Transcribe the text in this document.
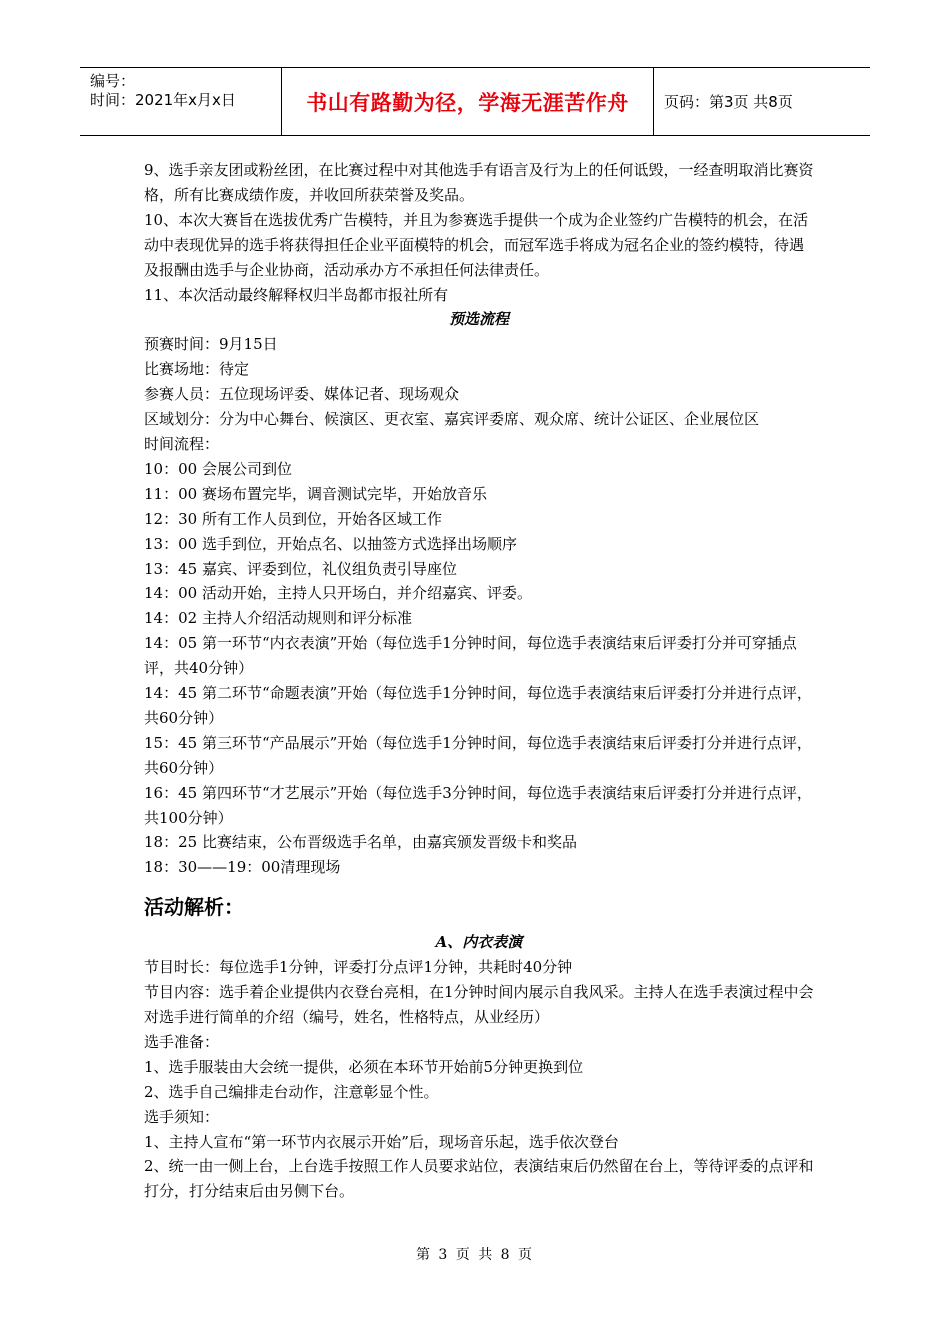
编号：
时间：2021年x月x日	书山有路勤为径，学海无涯苦作舟	页码：第3页 共8页

9、选手亲友团或粉丝团，在比赛过程中对其他选手有语言及行为上的任何诋毁，一经查明取消比赛资格，所有比赛成绩作废，并收回所获荣誉及奖品。

10、本次大赛旨在选拔优秀广告模特，并且为参赛选手提供一个成为企业签约广告模特的机会，在活动中表现优异的选手将获得担任企业平面模特的机会，而冠军选手将成为冠名企业的签约模特，待遇及报酬由选手与企业协商，活动承办方不承担任何法律责任。

11、本次活动最终解释权归半岛都市报社所有

预选流程

预赛时间：9月15日

比赛场地：待定

参赛人员：五位现场评委、媒体记者、现场观众

区域划分：分为中心舞台、候演区、更衣室、嘉宾评委席、观众席、统计公证区、企业展位区

时间流程：

10：00 会展公司到位

11：00 赛场布置完毕，调音测试完毕，开始放音乐

12：30 所有工作人员到位，开始各区域工作

13：00 选手到位，开始点名、以抽签方式选择出场顺序

13：45 嘉宾、评委到位，礼仪组负责引导座位

14：00 活动开始，主持人只开场白，并介绍嘉宾、评委。

14：02 主持人介绍活动规则和评分标准

14：05 第一环节“内衣表演”开始（每位选手1分钟时间，每位选手表演结束后评委打分并可穿插点评，共40分钟）

14：45 第二环节“命题表演”开始（每位选手1分钟时间，每位选手表演结束后评委打分并进行点评，共60分钟）

15：45 第三环节“产品展示”开始（每位选手1分钟时间，每位选手表演结束后评委打分并进行点评，共60分钟）

16：45 第四环节“才艺展示”开始（每位选手3分钟时间，每位选手表演结束后评委打分并进行点评，共100分钟）

18：25 比赛结束，公布晋级选手名单，由嘉宾颁发晋级卡和奖品

18：30——19：00清理现场

活动解析：

A、内衣表演

节目时长：每位选手1分钟，评委打分点评1分钟，共耗时40分钟

节目内容：选手着企业提供内衣登台亮相，在1分钟时间内展示自我风采。主持人在选手表演过程中会对选手进行简单的介绍（编号，姓名，性格特点，从业经历）

选手准备：

1、选手服装由大会统一提供，必须在本环节开始前5分钟更换到位

2、选手自己编排走台动作，注意彰显个性。

选手须知：

1、主持人宣布“第一环节内衣展示开始”后，现场音乐起，选手依次登台

2、统一由一侧上台，上台选手按照工作人员要求站位，表演结束后仍然留在台上，等待评委的点评和打分，打分结束后由另侧下台。

第 3 页 共 8 页
